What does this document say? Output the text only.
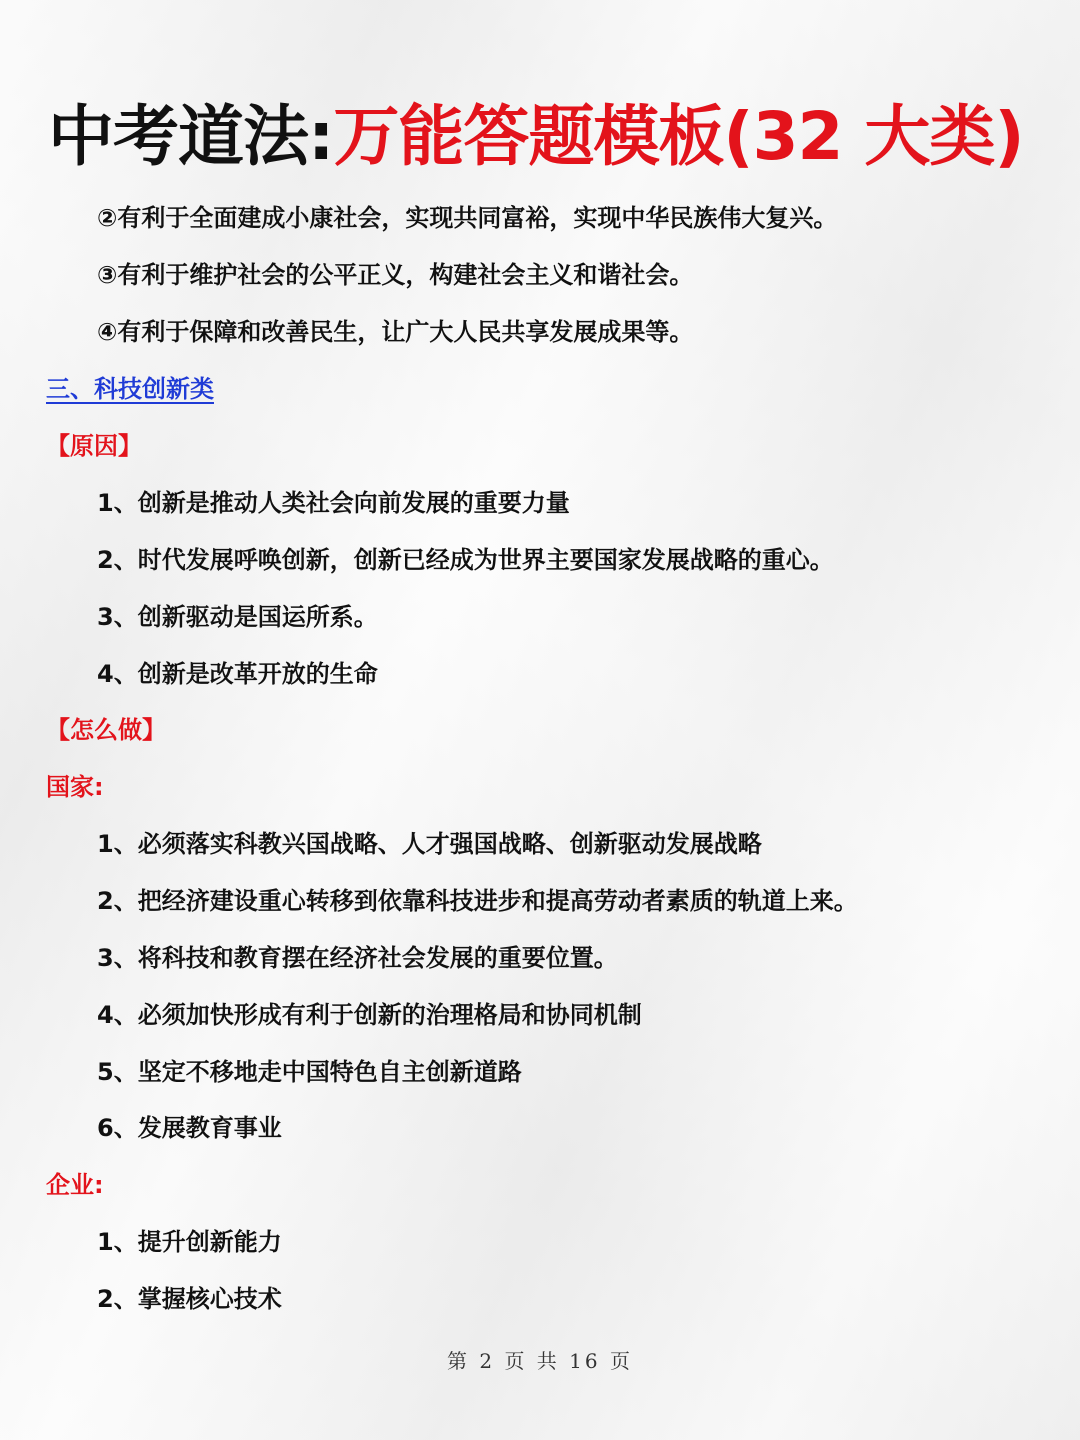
中考道法:万能答题模板(32 大类)

②有利于全面建成小康社会，实现共同富裕，实现中华民族伟大复兴。

③有利于维护社会的公平正义，构建社会主义和谐社会。

④有利于保障和改善民生，让广大人民共享发展成果等。

三、科技创新类

【原因】

1、创新是推动人类社会向前发展的重要力量

2、时代发展呼唤创新，创新已经成为世界主要国家发展战略的重心。

3、创新驱动是国运所系。

4、创新是改革开放的生命

【怎么做】

国家:

1、必须落实科教兴国战略、人才强国战略、创新驱动发展战略

2、把经济建设重心转移到依靠科技进步和提高劳动者素质的轨道上来。

3、将科技和教育摆在经济社会发展的重要位置。

4、必须加快形成有利于创新的治理格局和协同机制

5、坚定不移地走中国特色自主创新道路

6、发展教育事业

企业:

1、提升创新能力

2、掌握核心技术

第 2 页 共 16 页
